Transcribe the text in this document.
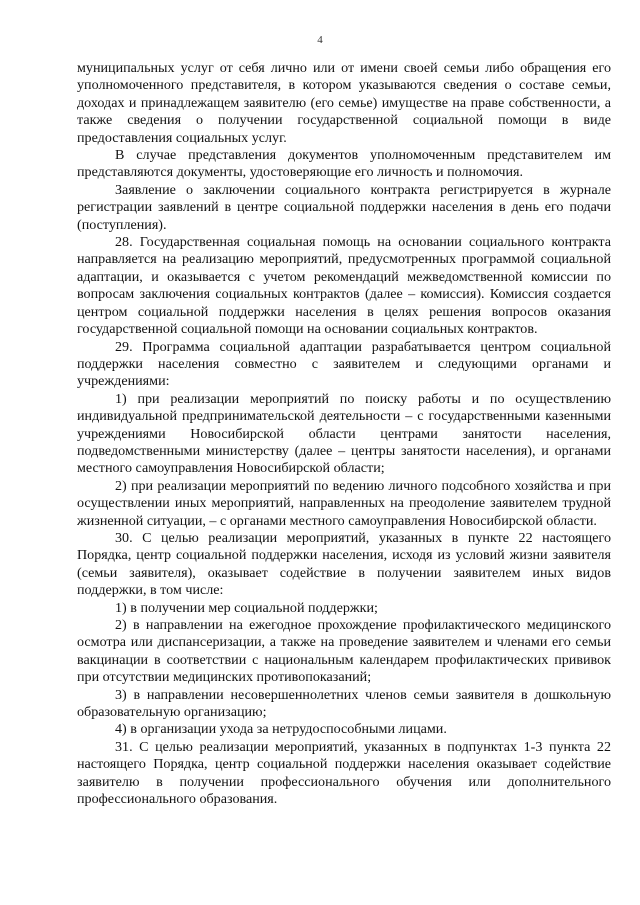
4

муниципальных услуг от себя лично или от имени своей семьи либо обращения его уполномоченного представителя, в котором указываются сведения о составе семьи, доходах и принадлежащем заявителю (его семье) имуществе на праве собственности, а также сведения о получении государственной социальной помощи в виде предоставления социальных услуг.

В случае представления документов уполномоченным представителем им представляются документы, удостоверяющие его личность и полномочия.

Заявление о заключении социального контракта регистрируется в журнале регистрации заявлений в центре социальной поддержки населения в день его подачи (поступления).

28. Государственная социальная помощь на основании социального контракта направляется на реализацию мероприятий, предусмотренных программой социальной адаптации, и оказывается с учетом рекомендаций межведомственной комиссии по вопросам заключения социальных контрактов (далее – комиссия). Комиссия создается центром социальной поддержки населения в целях решения вопросов оказания государственной социальной помощи на основании социальных контрактов.

29. Программа социальной адаптации разрабатывается центром социальной поддержки населения совместно с заявителем и следующими органами и учреждениями:

1) при реализации мероприятий по поиску работы и по осуществлению индивидуальной предпринимательской деятельности – с государственными казенными учреждениями Новосибирской области центрами занятости населения, подведомственными министерству (далее – центры занятости населения), и органами местного самоуправления Новосибирской области;

2) при реализации мероприятий по ведению личного подсобного хозяйства и при осуществлении иных мероприятий, направленных на преодоление заявителем трудной жизненной ситуации, – с органами местного самоуправления Новосибирской области.

30. С целью реализации мероприятий, указанных в пункте 22 настоящего Порядка, центр социальной поддержки населения, исходя из условий жизни заявителя (семьи заявителя), оказывает содействие в получении заявителем иных видов поддержки, в том числе:

1) в получении мер социальной поддержки;

2) в направлении на ежегодное прохождение профилактического медицинского осмотра или диспансеризации, а также на проведение заявителем и членами его семьи вакцинации в соответствии с национальным календарем профилактических прививок при отсутствии медицинских противопоказаний;

3) в направлении несовершеннолетних членов семьи заявителя в дошкольную образовательную организацию;

4) в организации ухода за нетрудоспособными лицами.

31. С целью реализации мероприятий, указанных в подпунктах 1-3 пункта 22 настоящего Порядка, центр социальной поддержки населения оказывает содействие заявителю в получении профессионального обучения или дополнительного профессионального образования.
